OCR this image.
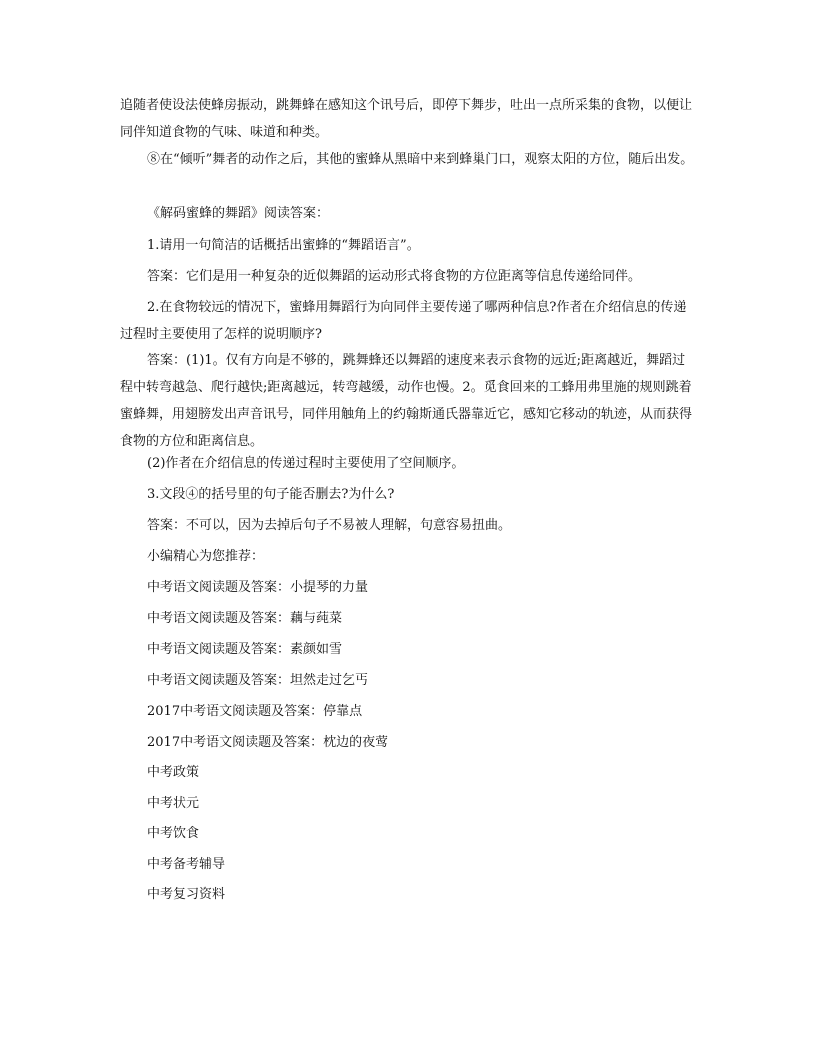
追随者使设法使蜂房振动，跳舞蜂在感知这个讯号后，即停下舞步，吐出一点所采集的食物，以便让同伴知道食物的气味、味道和种类。

⑧在“倾听”舞者的动作之后，其他的蜜蜂从黑暗中来到蜂巢门口，观察太阳的方位，随后出发。

《解码蜜蜂的舞蹈》阅读答案：

1.请用一句简洁的话概括出蜜蜂的“舞蹈语言”。

答案：它们是用一种复杂的近似舞蹈的运动形式将食物的方位距离等信息传递给同伴。

2.在食物较远的情况下，蜜蜂用舞蹈行为向同伴主要传递了哪两种信息?作者在介绍信息的传递过程时主要使用了怎样的说明顺序?

答案：(1)1。仅有方向是不够的，跳舞蜂还以舞蹈的速度来表示食物的远近;距离越近，舞蹈过程中转弯越急、爬行越快;距离越远，转弯越缓，动作也慢。2。觅食回来的工蜂用弗里施的规则跳着蜜蜂舞，用翅膀发出声音讯号，同伴用触角上的约翰斯通氏器靠近它，感知它移动的轨迹，从而获得食物的方位和距离信息。

(2)作者在介绍信息的传递过程时主要使用了空间顺序。

3.文段④的括号里的句子能否删去?为什么?

答案：不可以，因为去掉后句子不易被人理解，句意容易扭曲。

小编精心为您推荐：

中考语文阅读题及答案：小提琴的力量
中考语文阅读题及答案：藕与莼菜
中考语文阅读题及答案：素颜如雪
中考语文阅读题及答案：坦然走过乞丐
2017中考语文阅读题及答案：停靠点
2017中考语文阅读题及答案：枕边的夜莺
中考政策
中考状元
中考饮食
中考备考辅导
中考复习资料
